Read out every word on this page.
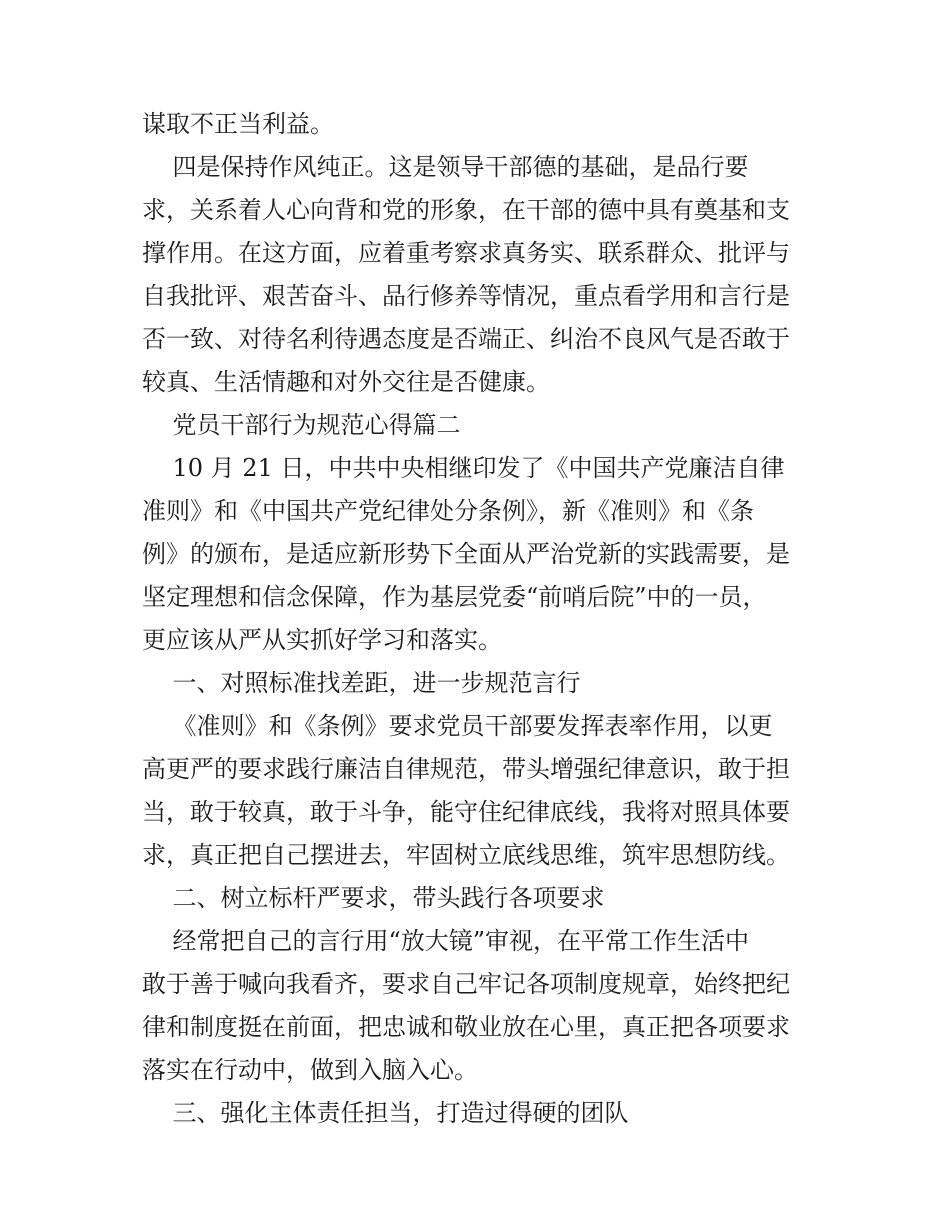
谋取不正当利益。
四是保持作风纯正。这是领导干部德的基础，是品行要
求，关系着人心向背和党的形象，在干部的德中具有奠基和支
撑作用。在这方面，应着重考察求真务实、联系群众、批评与
自我批评、艰苦奋斗、品行修养等情况，重点看学用和言行是
否一致、对待名利待遇态度是否端正、纠治不良风气是否敢于
较真、生活情趣和对外交往是否健康。
党员干部行为规范心得篇二
10 月 21 日，中共中央相继印发了《中国共产党廉洁自律
准则》和《中国共产党纪律处分条例》，新《准则》和《条
例》的颁布，是适应新形势下全面从严治党新的实践需要，是
坚定理想和信念保障，作为基层党委“前哨后院”中的一员，
更应该从严从实抓好学习和落实。
一、对照标准找差距，进一步规范言行
《准则》和《条例》要求党员干部要发挥表率作用，以更
高更严的要求践行廉洁自律规范，带头增强纪律意识，敢于担
当，敢于较真，敢于斗争，能守住纪律底线，我将对照具体要
求，真正把自己摆进去，牢固树立底线思维，筑牢思想防线。
二、树立标杆严要求，带头践行各项要求
经常把自己的言行用“放大镜”审视，在平常工作生活中
敢于善于喊向我看齐，要求自己牢记各项制度规章，始终把纪
律和制度挺在前面，把忠诚和敬业放在心里，真正把各项要求
落实在行动中，做到入脑入心。
三、强化主体责任担当，打造过得硬的团队
